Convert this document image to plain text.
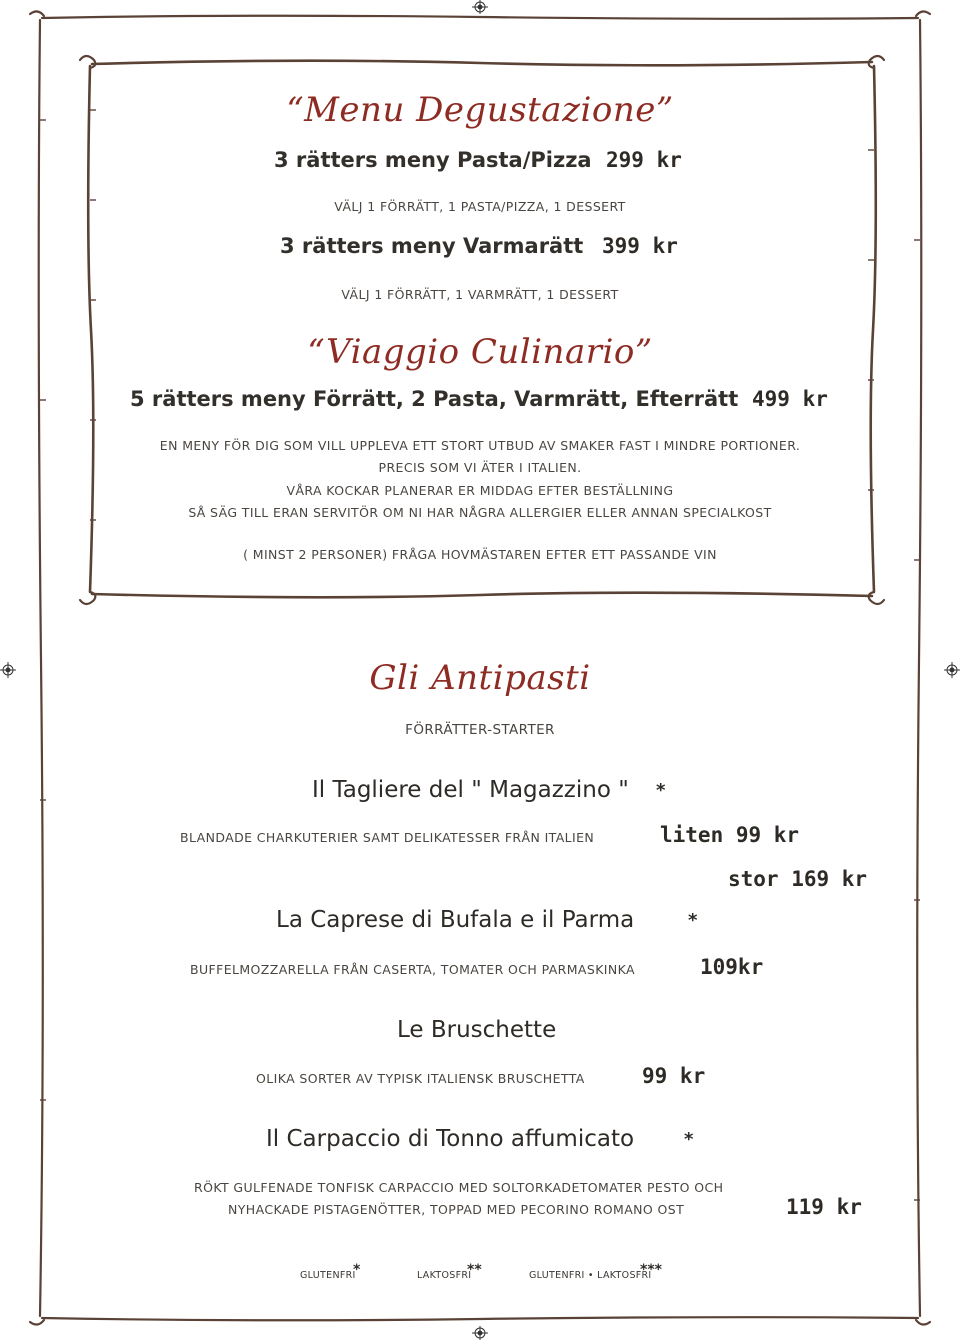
“Menu Degustazione”
3 rätters meny Pasta/Pizza 299 kr
VÄLJ 1 FÖRRÄTT, 1 PASTA/PIZZA, 1 DESSERT
3 rätters meny Varmarätt 399 kr
VÄLJ 1 FÖRRÄTT, 1 VARMRÄTT, 1 DESSERT
“Viaggio Culinario”
5 rätters meny Förrätt, 2 Pasta, Varmrätt, Efterrätt 499 kr
EN MENY FÖR DIG SOM VILL UPPLEVA ETT STORT UTBUD AV SMAKER FAST I MINDRE PORTIONER.
PRECIS SOM VI ÄTER I ITALIEN.
VÅRA KOCKAR PLANERAR ER MIDDAG EFTER BESTÄLLNING
SÅ SÄG TILL ERAN SERVITÖR OM NI HAR NÅGRA ALLERGIER ELLER ANNAN SPECIALKOST
( MINST 2 PERSONER) FRÅGA HOVMÄSTAREN EFTER ETT PASSANDE VIN
Gli Antipasti
FÖRRÄTTER-STARTER
Il Tagliere del " Magazzino " *
BLANDADE CHARKUTERIER SAMT DELIKATESSER FRÅN ITALIEN	liten 99 kr
stor 169 kr
La Caprese di Bufala e il Parma	*
BUFFELMOZZARELLA FRÅN CASERTA, TOMATER OCH PARMASKINKA	109kr
Le Bruschette
OLIKA SORTER AV TYPISK ITALIENSK BRUSCHETTA	99 kr
Il Carpaccio di Tonno affumicato	*
RÖKT GULFENADE TONFISK CARPACCIO MED SOLTORKADETOMATER PESTO OCH
NYHACKADE PISTAGENÖTTER, TOPPAD MED PECORINO ROMANO OST	119 kr
GLUTENFRI
*	LAKTOSFRI
**	GLUTENFRI • LAKTOSFRI
***
